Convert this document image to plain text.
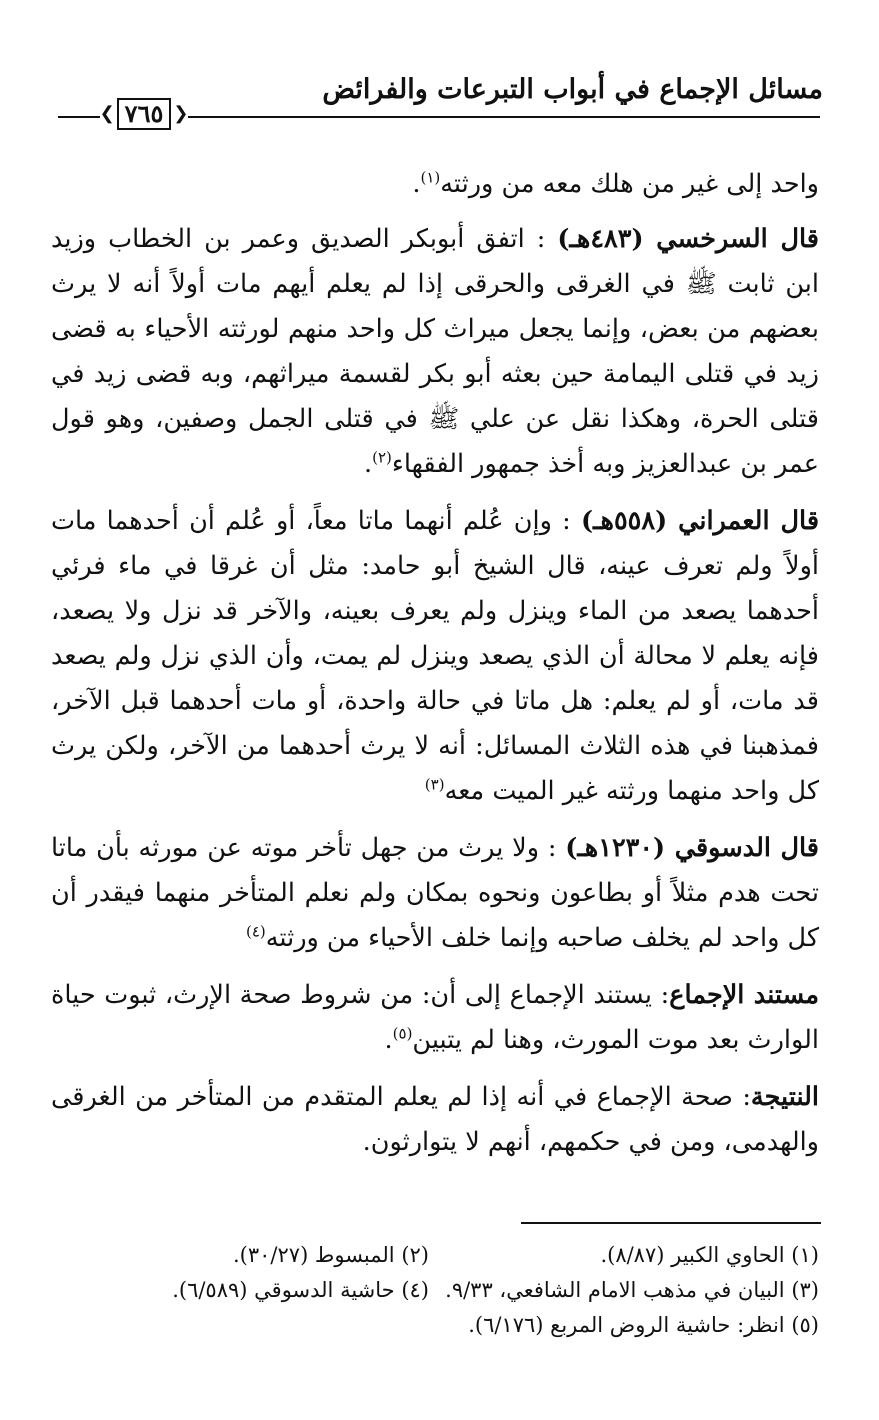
مسائل الإجماع في أبواب التبرعات والفرائض
❮ ٧٦٥ ❯

واحد إلى غير من هلك معه من ورثته$^{(١)}$.

قال السرخسي (٤٨٣هـ) : اتفق أبوبكر الصديق وعمر بن الخطاب وزيد ابن ثابت ﷺ في الغرقى والحرقى إذا لم يعلم أيهم مات أولاً أنه لا يرث بعضهم من بعض، وإنما يجعل ميراث كل واحد منهم لورثته الأحياء به قضى زيد في قتلى اليمامة حين بعثه أبو بكر لقسمة ميراثهم، وبه قضى زيد في قتلى الحرة، وهكذا نقل عن علي ﷺ في قتلى الجمل وصفين، وهو قول عمر بن عبدالعزيز وبه أخذ جمهور الفقهاء$^{(٢)}$.

قال العمراني (٥٥٨هـ) : وإن عُلم أنهما ماتا معاً، أو عُلم أن أحدهما مات أولاً ولم تعرف عينه، قال الشيخ أبو حامد: مثل أن غرقا في ماء فرئي أحدهما يصعد من الماء وينزل ولم يعرف بعينه، والآخر قد نزل ولا يصعد، فإنه يعلم لا محالة أن الذي يصعد وينزل لم يمت، وأن الذي نزل ولم يصعد قد مات، أو لم يعلم: هل ماتا في حالة واحدة، أو مات أحدهما قبل الآخر، فمذهبنا في هذه الثلاث المسائل: أنه لا يرث أحدهما من الآخر، ولكن يرث كل واحد منهما ورثته غير الميت معه$^{(٣)}$

قال الدسوقي (١٢٣٠هـ) : ولا يرث من جهل تأخر موته عن مورثه بأن ماتا تحت هدم مثلاً أو بطاعون ونحوه بمكان ولم نعلم المتأخر منهما فيقدر أن كل واحد لم يخلف صاحبه وإنما خلف الأحياء من ورثته$^{(٤)}$

مستند الإجماع: يستند الإجماع إلى أن: من شروط صحة الإرث، ثبوت حياة الوارث بعد موت المورث، وهنا لم يتبين$^{(٥)}$.

النتيجة: صحة الإجماع في أنه إذا لم يعلم المتقدم من المتأخر من الغرقى والهدمى، ومن في حكمهم، أنهم لا يتوارثون.

(١) الحاوي الكبير (٨/٨٧).
(٢) المبسوط (٣٠/٢٧).
(٣) البيان في مذهب الامام الشافعي، ٩/٣٣.
(٤) حاشية الدسوقي (٦/٥٨٩).
(٥) انظر: حاشية الروض المربع (٦/١٧٦).
